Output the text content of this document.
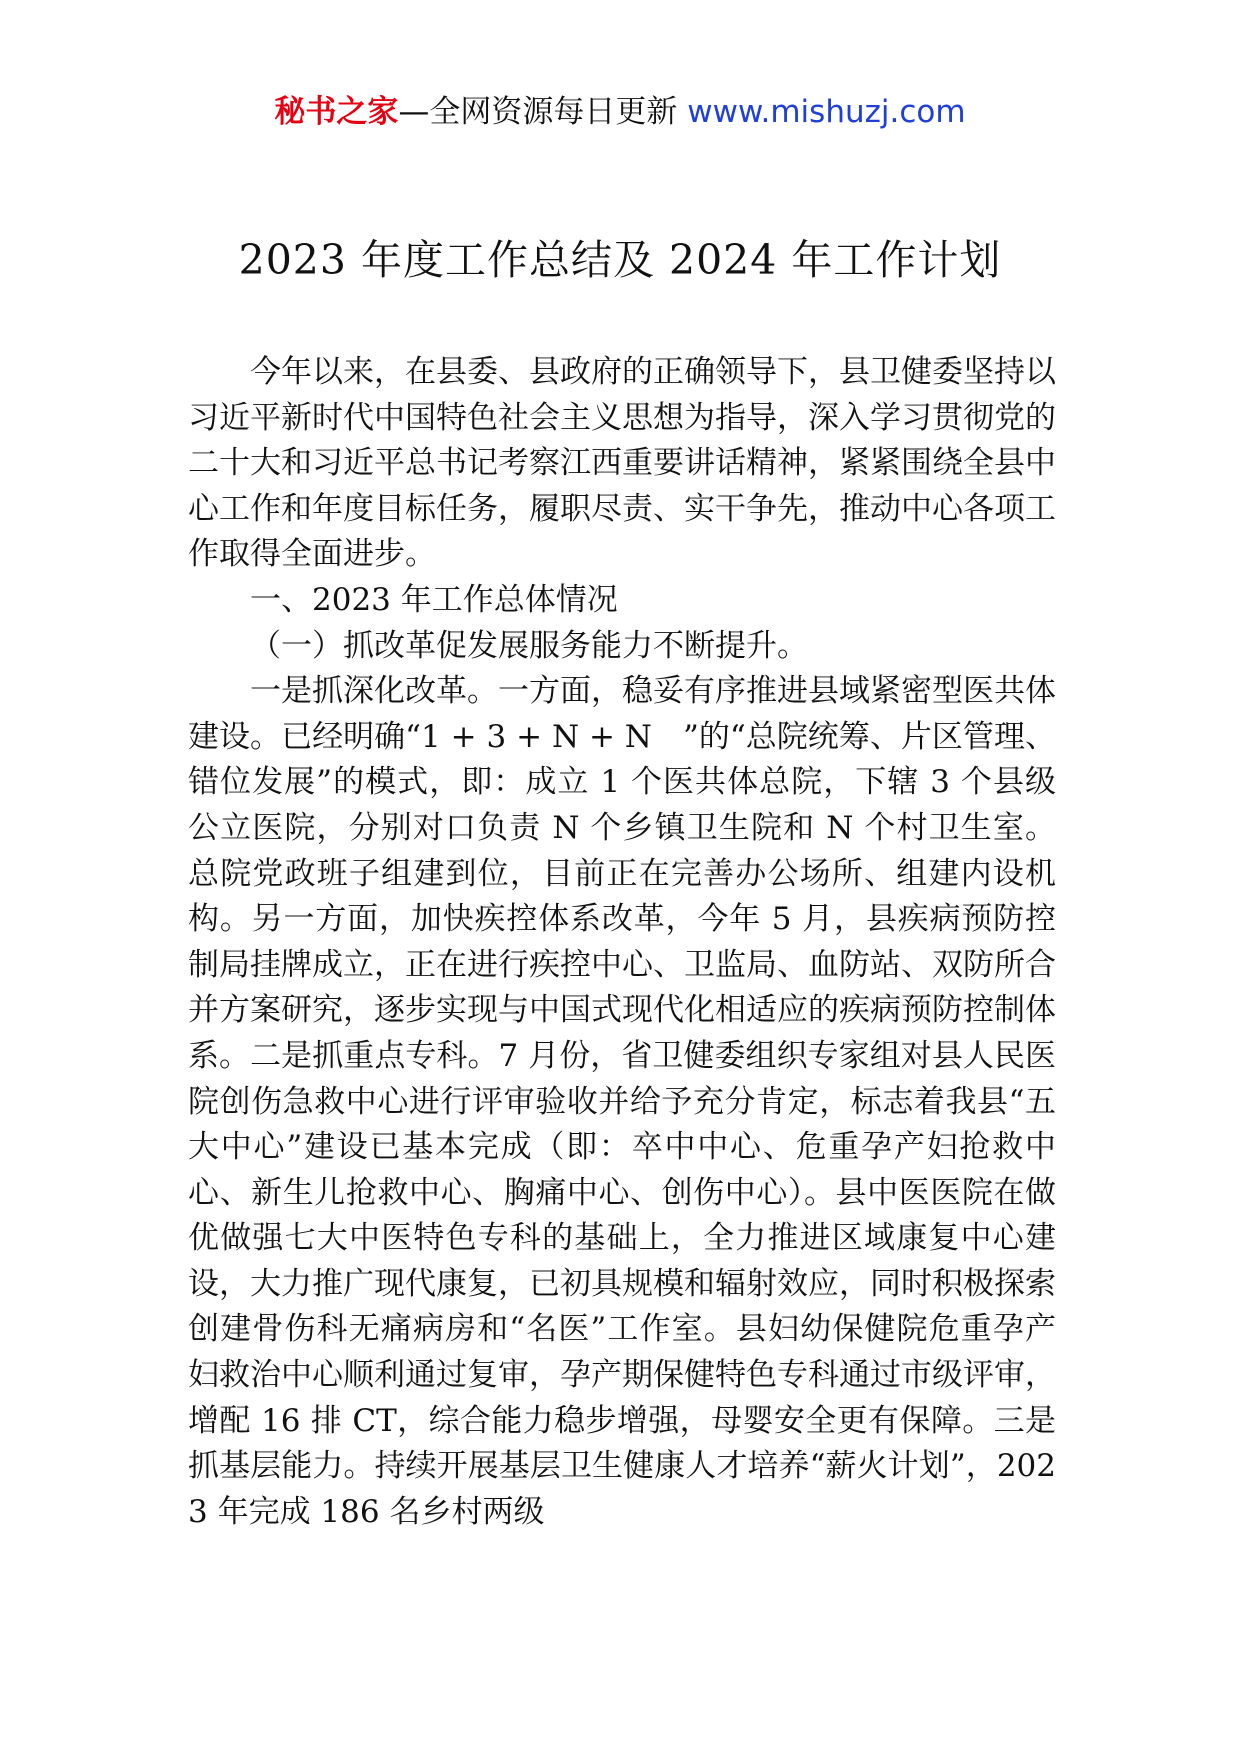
秘书之家—全网资源每日更新 www.mishuzj.com
2023 年度工作总结及 2024 年工作计划

今年以来，在县委、县政府的正确领导下，县卫健委坚持以习近平新时代中国特色社会主义思想为指导，深入学习贯彻党的二十大和习近平总书记考察江西重要讲话精神，紧紧围绕全县中心工作和年度目标任务，履职尽责、实干争先，推动中心各项工作取得全面进步。

一、2023 年工作总体情况

（一）抓改革促发展服务能力不断提升。

一是抓深化改革。一方面，稳妥有序推进县域紧密型医共体建设。已经明确“1 + 3 + N + N　”的“总院统筹、片区管理、错位发展”的模式，即：成立 1 个医共体总院，下辖 3 个县级公立医院，分别对口负责 N 个乡镇卫生院和 N 个村卫生室。总院党政班子组建到位，目前正在完善办公场所、组建内设机构。另一方面，加快疾控体系改革，今年 5 月，县疾病预防控制局挂牌成立，正在进行疾控中心、卫监局、血防站、双防所合并方案研究，逐步实现与中国式现代化相适应的疾病预防控制体系。二是抓重点专科。7 月份，省卫健委组织专家组对县人民医院创伤急救中心进行评审验收并给予充分肯定，标志着我县“五大中心”建设已基本完成（即：卒中中心、危重孕产妇抢救中心、新生儿抢救中心、胸痛中心、创伤中心）。县中医医院在做优做强七大中医特色专科的基础上，全力推进区域康复中心建设，大力推广现代康复，已初具规模和辐射效应，同时积极探索创建骨伤科无痛病房和“名医”工作室。县妇幼保健院危重孕产妇救治中心顺利通过复审，孕产期保健特色专科通过市级评审，增配 16 排 CT，综合能力稳步增强，母婴安全更有保障。三是抓基层能力。持续开展基层卫生健康人才培养“薪火计划”，2023 年完成 186 名乡村两级
